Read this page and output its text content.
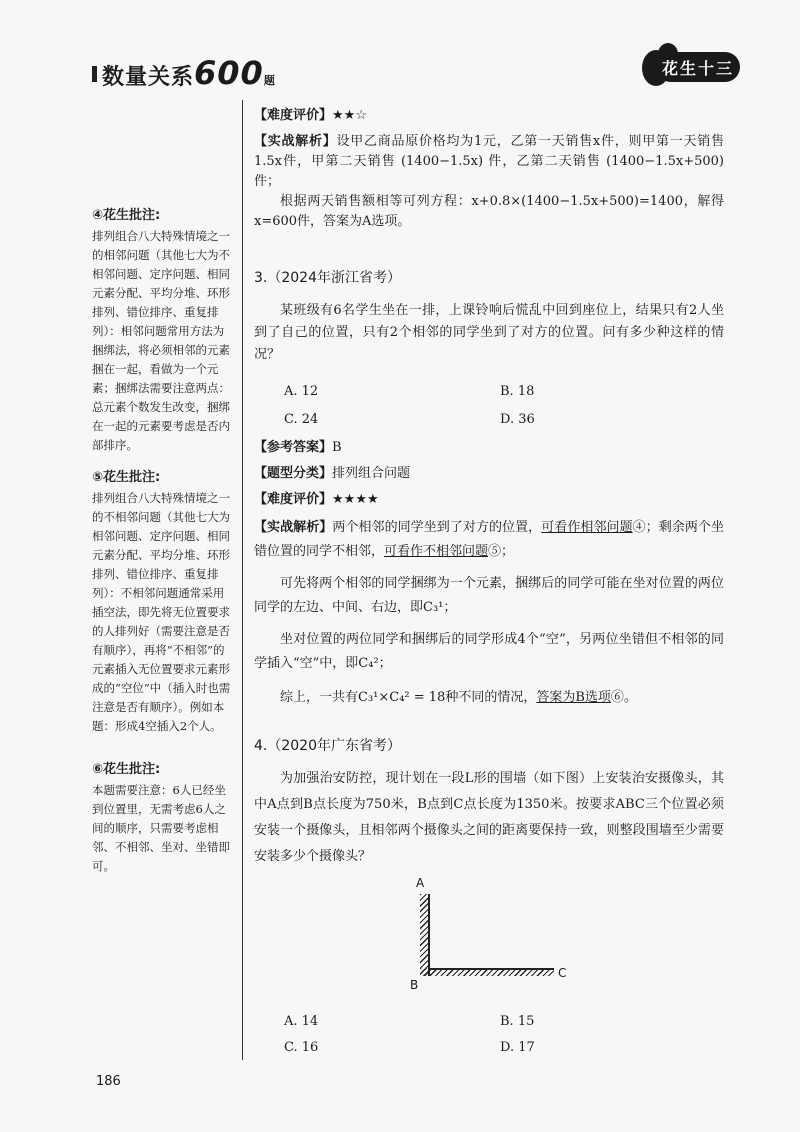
数量关系600题
花生十三
④花生批注:
排列组合八大特殊情境之一的相邻问题（其他七大为不相邻问题、定序问题、相同元素分配、平均分堆、环形排列、错位排序、重复排列）：相邻问题常用方法为捆绑法，将必须相邻的元素捆在一起，看做为一个元素；捆绑法需要注意两点：总元素个数发生改变，捆绑在一起的元素要考虑是否内部排序。
⑤花生批注:
排列组合八大特殊情境之一的不相邻问题（其他七大为相邻问题、定序问题、相同元素分配、平均分堆、环形排列、错位排序、重复排列）：不相邻问题通常采用插空法，即先将无位置要求的人排列好（需要注意是否有顺序），再将“不相邻”的元素插入无位置要求元素形成的“空位”中（插入时也需注意是否有顺序）。例如本题：形成4空插入2个人。
⑥花生批注:
本题需要注意：6人已经坐到位置里，无需考虑6人之间的顺序，只需要考虑相邻、不相邻、坐对、坐错即可。
【难度评价】★★☆
【实战解析】设甲乙商品原价格均为1元，乙第一天销售x件，则甲第一天销售1.5x件，甲第二天销售 (1400−1.5x) 件，乙第二天销售 (1400−1.5x+500) 件；
根据两天销售额相等可列方程：x+0.8×(1400−1.5x+500)=1400，解得x=600件，答案为A选项。
3.（2024年浙江省考）
某班级有6名学生坐在一排，上课铃响后慌乱中回到座位上，结果只有2人坐到了自己的位置，只有2个相邻的同学坐到了对方的位置。问有多少种这样的情况？
A. 12	B. 18
C. 24	D. 36
【参考答案】B
【题型分类】排列组合问题
【难度评价】★★★★
【实战解析】两个相邻的同学坐到了对方的位置，可看作相邻问题④；剩余两个坐错位置的同学不相邻，可看作不相邻问题⑤；
可先将两个相邻的同学捆绑为一个元素，捆绑后的同学可能在坐对位置的两位同学的左边、中间、右边，即C₃¹；
坐对位置的两位同学和捆绑后的同学形成4个“空”，另两位坐错但不相邻的同学插入“空”中，即C₄²；
综上，一共有C₃¹×C₄² = 18种不同的情况，答案为B选项⑥。
4.（2020年广东省考）
为加强治安防控，现计划在一段L形的围墙（如下图）上安装治安摄像头，其中A点到B点长度为750米，B点到C点长度为1350米。按要求ABC三个位置必须安装一个摄像头，且相邻两个摄像头之间的距离要保持一致，则整段围墙至少需要安装多少个摄像头？
A
B
C
A. 14	B. 15
C. 16	D. 17
186
